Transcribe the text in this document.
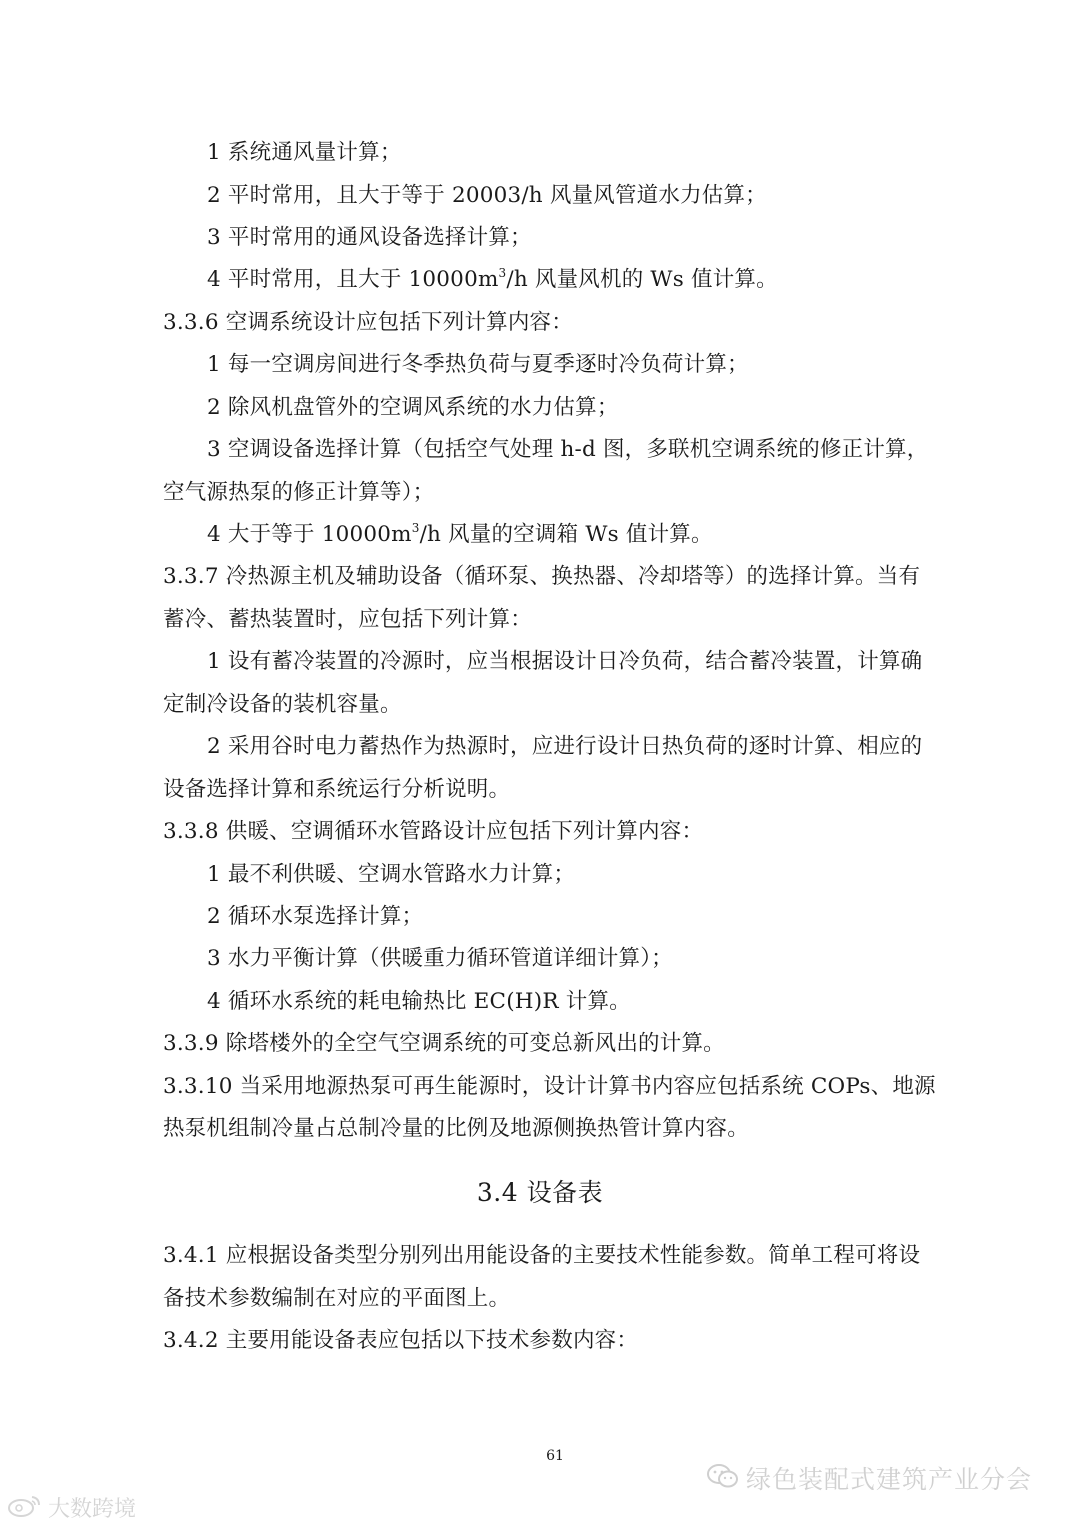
1 系统通风量计算；
2 平时常用，且大于等于 20003/h 风量风管道水力估算；
3 平时常用的通风设备选择计算；
4 平时常用，且大于 $10000m^3/h$ 风量风机的 Ws 值计算。
3.3.6 空调系统设计应包括下列计算内容：
1 每一空调房间进行冬季热负荷与夏季逐时冷负荷计算；
2 除风机盘管外的空调风系统的水力估算；
3 空调设备选择计算（包括空气处理 h-d 图，多联机空调系统的修正计算，
空气源热泵的修正计算等）；
4 大于等于 $10000m^3/h$ 风量的空调箱 Ws 值计算。
3.3.7 冷热源主机及辅助设备（循环泵、换热器、冷却塔等）的选择计算。当有
蓄冷、蓄热装置时，应包括下列计算：
1 设有蓄冷装置的冷源时，应当根据设计日冷负荷，结合蓄冷装置，计算确
定制冷设备的装机容量。
2 采用谷时电力蓄热作为热源时，应进行设计日热负荷的逐时计算、相应的
设备选择计算和系统运行分析说明。
3.3.8 供暖、空调循环水管路设计应包括下列计算内容：
1 最不利供暖、空调水管路水力计算；
2 循环水泵选择计算；
3 水力平衡计算（供暖重力循环管道详细计算）；
4 循环水系统的耗电输热比 EC(H)R 计算。
3.3.9 除塔楼外的全空气空调系统的可变总新风出的计算。
3.3.10 当采用地源热泵可再生能源时，设计计算书内容应包括系统 COPs、地源
热泵机组制冷量占总制冷量的比例及地源侧换热管计算内容。
3.4 设备表
3.4.1 应根据设备类型分别列出用能设备的主要技术性能参数。简单工程可将设
备技术参数编制在对应的平面图上。
3.4.2 主要用能设备表应包括以下技术参数内容：
61
绿色装配式建筑产业分会
大数跨境
